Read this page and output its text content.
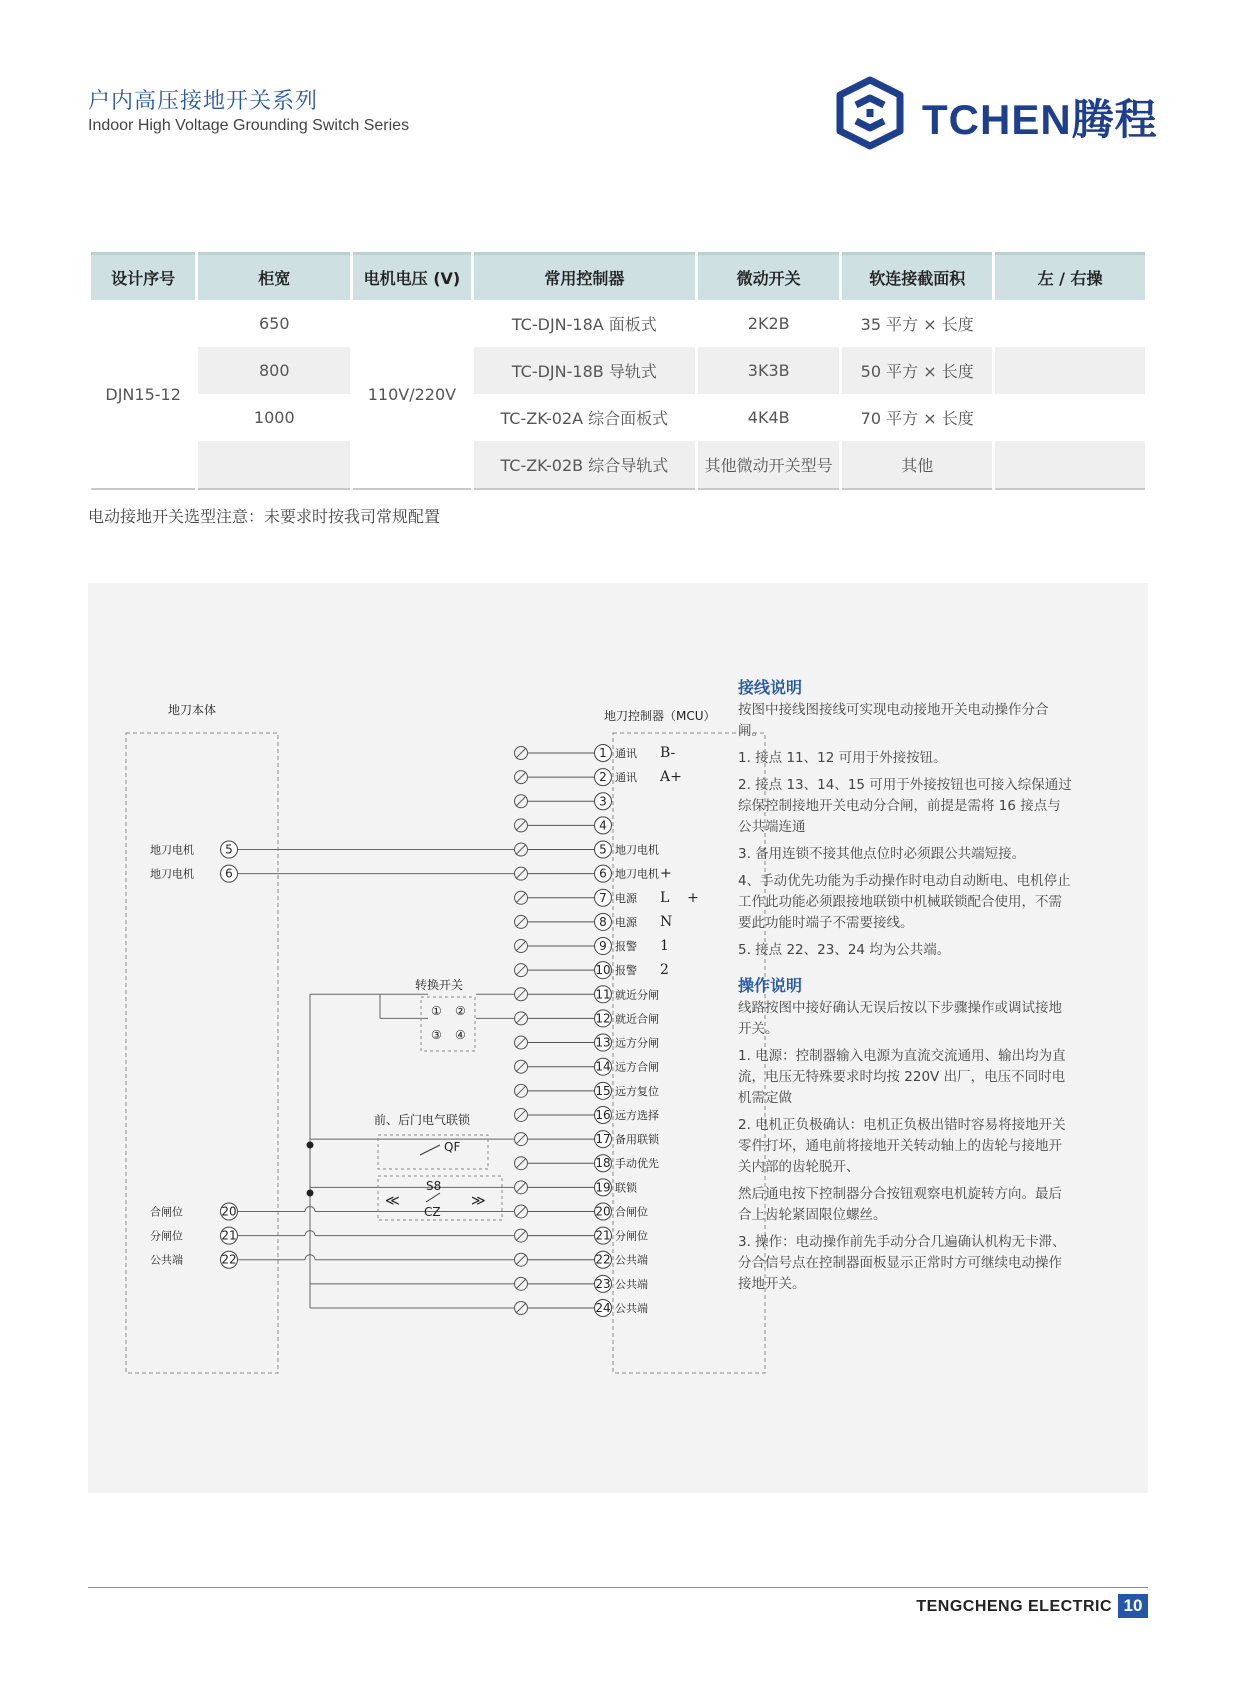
户内高压接地开关系列
Indoor High Voltage Grounding Switch Series	TCHEN腾程
设计序号	柜宽	电机电压 (V)	常用控制器	微动开关	软连接截面积	左 / 右操
DJN15-12	650	110V/220V	TC-DJN-18A 面板式	2K2B	35 平方 × 长度	
	800		TC-DJN-18B 导轨式	3K3B	50 平方 × 长度	
	1000		TC-ZK-02A 综合面板式	4K4B	70 平方 × 长度	
			TC-ZK-02B 综合导轨式	其他微动开关型号	其他	
电动接地开关选型注意：未要求时按我司常规配置
地刀本体	地刀控制器（MCU）
1 通讯 B-
2 通讯 A+
3
4
5 地刀电机
6 地刀电机 +
7 电源 L    +
8 电源 N
9 报警 1
10 报警 2
11 就近分闸
12 就近合闸
13 远方分闸
14 远方合闸
15 远方复位
16 远方选择
17 备用联锁
18 手动优先
19 联锁
20 合闸位
21 分闸位
22 公共端
23 公共端
24 公共端
地刀电机	5
地刀电机	6
合闸位	20
分闸位	21
公共端	22
转换开关
① ②
③ ④
前、后门电气联锁
QF
S8
CZ
≪	≫
接线说明

按图中接线图接线可实现电动接地开关电动操作分合闸。

1. 接点 11、12 可用于外接按钮。

2. 接点 13、14、15 可用于外接按钮也可接入综保通过综保控制接地开关电动分合闸，前提是需将 16 接点与公共端连通

3. 备用连锁不接其他点位时必须跟公共端短接。

4、手动优先功能为手动操作时电动自动断电、电机停止工作此功能必须跟接地联锁中机械联锁配合使用，不需要此功能时端子不需要接线。

5. 接点 22、23、24 均为公共端。

操作说明

线路按图中接好确认无误后按以下步骤操作或调试接地开关。

1. 电源：控制器输入电源为直流交流通用、输出均为直流，电压无特殊要求时均按 220V 出厂，电压不同时电机需定做

2. 电机正负极确认：电机正负极出错时容易将接地开关零件打坏，通电前将接地开关转动轴上的齿轮与接地开关内部的齿轮脱开、

然后通电按下控制器分合按钮观察电机旋转方向。最后合上齿轮紧固限位螺丝。

3. 操作：电动操作前先手动分合几遍确认机构无卡滞、分合信号点在控制器面板显示正常时方可继续电动操作接地开关。

TENGCHENG ELECTRIC 10
